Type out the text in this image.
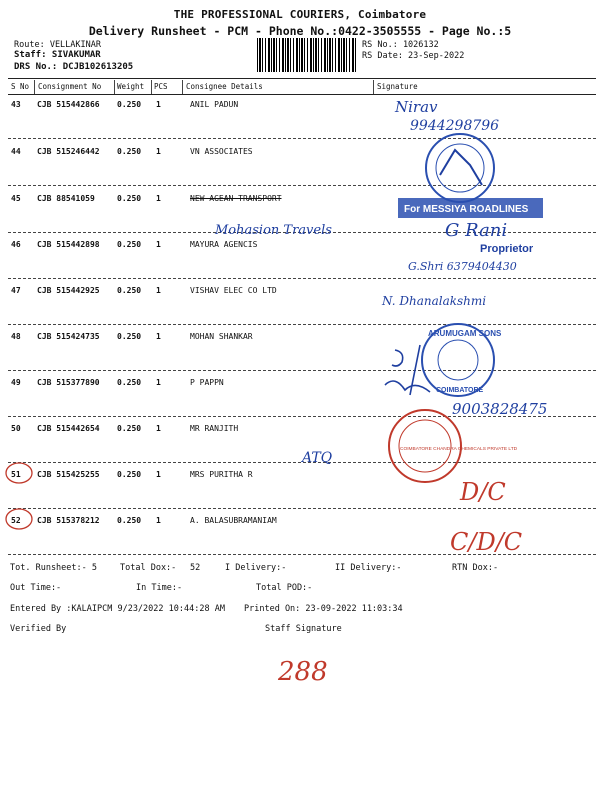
THE PROFESSIONAL COURIERS, Coimbatore
Delivery Runsheet - PCM - Phone No.:0422-3505555 - Page No.:5
Route: VELLAKINAR
Staff: SIVAKUMAR
DRS No.: DCJB102613205
RS No.: 1026132
RS Date: 23-Sep-2022
S No Consignment No Weight PCS Consignee Details	Signature
43 CJB 515442866 0.250 1	ANIL PADUN
44 CJB 515246442 0.250 1	VN ASSOCIATES
45 CJB 88541059	0.250 1	NEW AGEAN TRANSPORT
46 CJB 515442898 0.250 1	MAYURA AGENCIS
47 CJB 515442925 0.250 1	VISHAV ELEC CO LTD
48 CJB 515424735 0.250 1	MOHAN SHANKAR
49 CJB 515377890 0.250 1	P PAPPN
50 CJB 515442654 0.250 1	MR RANJITH
51 CJB 515425255 0.250 1	MRS PURITHA R
52 CJB 515378212 0.250 1	A. BALASUBRAMANIAM
Tot. Runsheet:- 5	Total Dox:- 52	I Delivery:-	II Delivery:-	RTN Dox:-
Out Time:-	In Time:-	Total POD:-
Entered By :KALAIPCM 9/23/2022 10:44:28 AM Printed On: 23-09-2022 11:03:34
Verified By	Staff Signature
Nirav
9944298796
Mohasion Travels
For MESSIYA ROADLINES
Proprietor
G Rani
G.Shri 6379404430
N. Dhanalakshmi
ARUMUGAM SONS
COIMBATORE
9003828475
COIMBATORE CHANDRA CHEMICALS PRIVATE LTD
ATQ
D/C
C/D/C
288
